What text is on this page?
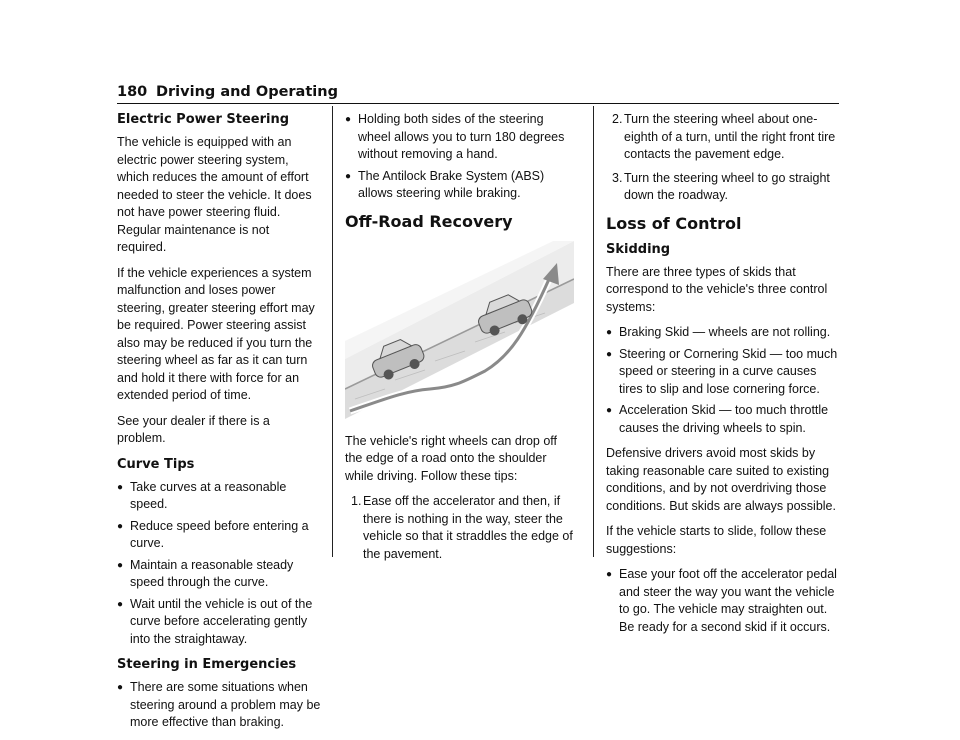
180 Driving and Operating
Electric Power Steering

The vehicle is equipped with an electric power steering system, which reduces the amount of effort needed to steer the vehicle. It does not have power steering fluid. Regular maintenance is not required.

If the vehicle experiences a system malfunction and loses power steering, greater steering effort may be required. Power steering assist also may be reduced if you turn the steering wheel as far as it can turn and hold it there with force for an extended period of time.

See your dealer if there is a problem.

Curve Tips
● Take curves at a reasonable speed.
● Reduce speed before entering a curve.
● Maintain a reasonable steady speed through the curve.
● Wait until the vehicle is out of the curve before accelerating gently into the straightaway.
Steering in Emergencies
● There are some situations when steering around a problem may be more effective than braking.
● Holding both sides of the steering wheel allows you to turn 180 degrees without removing a hand.
● The Antilock Brake System (ABS) allows steering while braking.
Off-Road Recovery

The vehicle's right wheels can drop off the edge of a road onto the shoulder while driving. Follow these tips:

1. Ease off the accelerator and then, if there is nothing in the way, steer the vehicle so that it straddles the edge of the pavement.
2. Turn the steering wheel about one-eighth of a turn, until the right front tire contacts the pavement edge.
3. Turn the steering wheel to go straight down the roadway.
Loss of Control
Skidding

There are three types of skids that correspond to the vehicle's three control systems:

● Braking Skid — wheels are not rolling.
● Steering or Cornering Skid — too much speed or steering in a curve causes tires to slip and lose cornering force.
● Acceleration Skid — too much throttle causes the driving wheels to spin.

Defensive drivers avoid most skids by taking reasonable care suited to existing conditions, and by not overdriving those conditions. But skids are always possible.

If the vehicle starts to slide, follow these suggestions:

● Ease your foot off the accelerator pedal and steer the way you want the vehicle to go. The vehicle may straighten out. Be ready for a second skid if it occurs.
